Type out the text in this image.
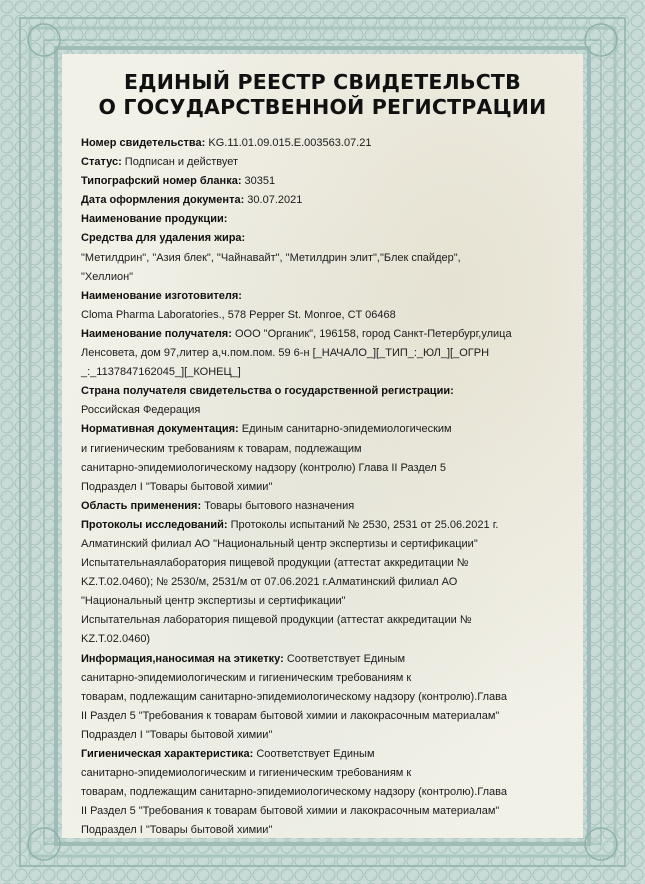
ЕДИНЫЙ РЕЕСТР СВИДЕТЕЛЬСТВ
О ГОСУДАРСТВЕННОЙ РЕГИСТРАЦИИ

Номер свидетельства: KG.11.01.09.015.E.003563.07.21

Статус: Подписан и действует

Типографский номер бланка: 30351

Дата оформления документа: 30.07.2021

Наименование продукции:

Средства для удаления жира:

"Метилдрин", "Азия блек", "Чайнавайт", "Метилдрин элит","Блек спайдер",

"Хеллион"

Наименование изготовителя:

Cloma Pharma Laboratories., 578 Pepper St. Monroe, CT 06468

Наименование получателя: ООО "Органик", 196158, город Санкт-Петербург,улица

Ленсовета, дом 97,литер а,ч.пом.пом. 59 6-н [_НАЧАЛО_][_ТИП_:_ЮЛ_][_ОГРН

_:_1137847162045_][_КОНЕЦ_]

Страна получателя свидетельства о государственной регистрации:

Российская Федерация

Нормативная документация: Единым санитарно-эпидемиологическим

и гигиеническим требованиям к товарам, подлежащим

санитарно-эпидемиологическому надзору (контролю) Глава II Раздел 5

Подраздел I "Товары бытовой химии"

Область применения: Товары бытового назначения

Протоколы исследований: Протоколы испытаний № 2530, 2531 от 25.06.2021 г.

Алматинский филиал АО "Национальный центр экспертизы и сертификации"

Испытательнаялаборатория пищевой продукции (аттестат аккредитации №

KZ.T.02.0460); № 2530/м, 2531/м от 07.06.2021 г.Алматинский филиал АО

"Национальный центр экспертизы и сертификации"

Испытательная лаборатория пищевой продукции (аттестат аккредитации №

KZ.T.02.0460)

Информация,наносимая на этикетку: Соответствует Единым

санитарно-эпидемиологическим и гигиеническим требованиям к

товарам, подлежащим санитарно-эпидемиологическому надзору (контролю).Глава

II Раздел 5 "Требования к товарам бытовой химии и лакокрасочным материалам"

Подраздел I "Товары бытовой химии"

Гигиеническая характеристика: Соответствует Единым

санитарно-эпидемиологическим и гигиеническим требованиям к

товарам, подлежащим санитарно-эпидемиологическому надзору (контролю).Глава

II Раздел 5 "Требования к товарам бытовой химии и лакокрасочным материалам"

Подраздел I "Товары бытовой химии"
